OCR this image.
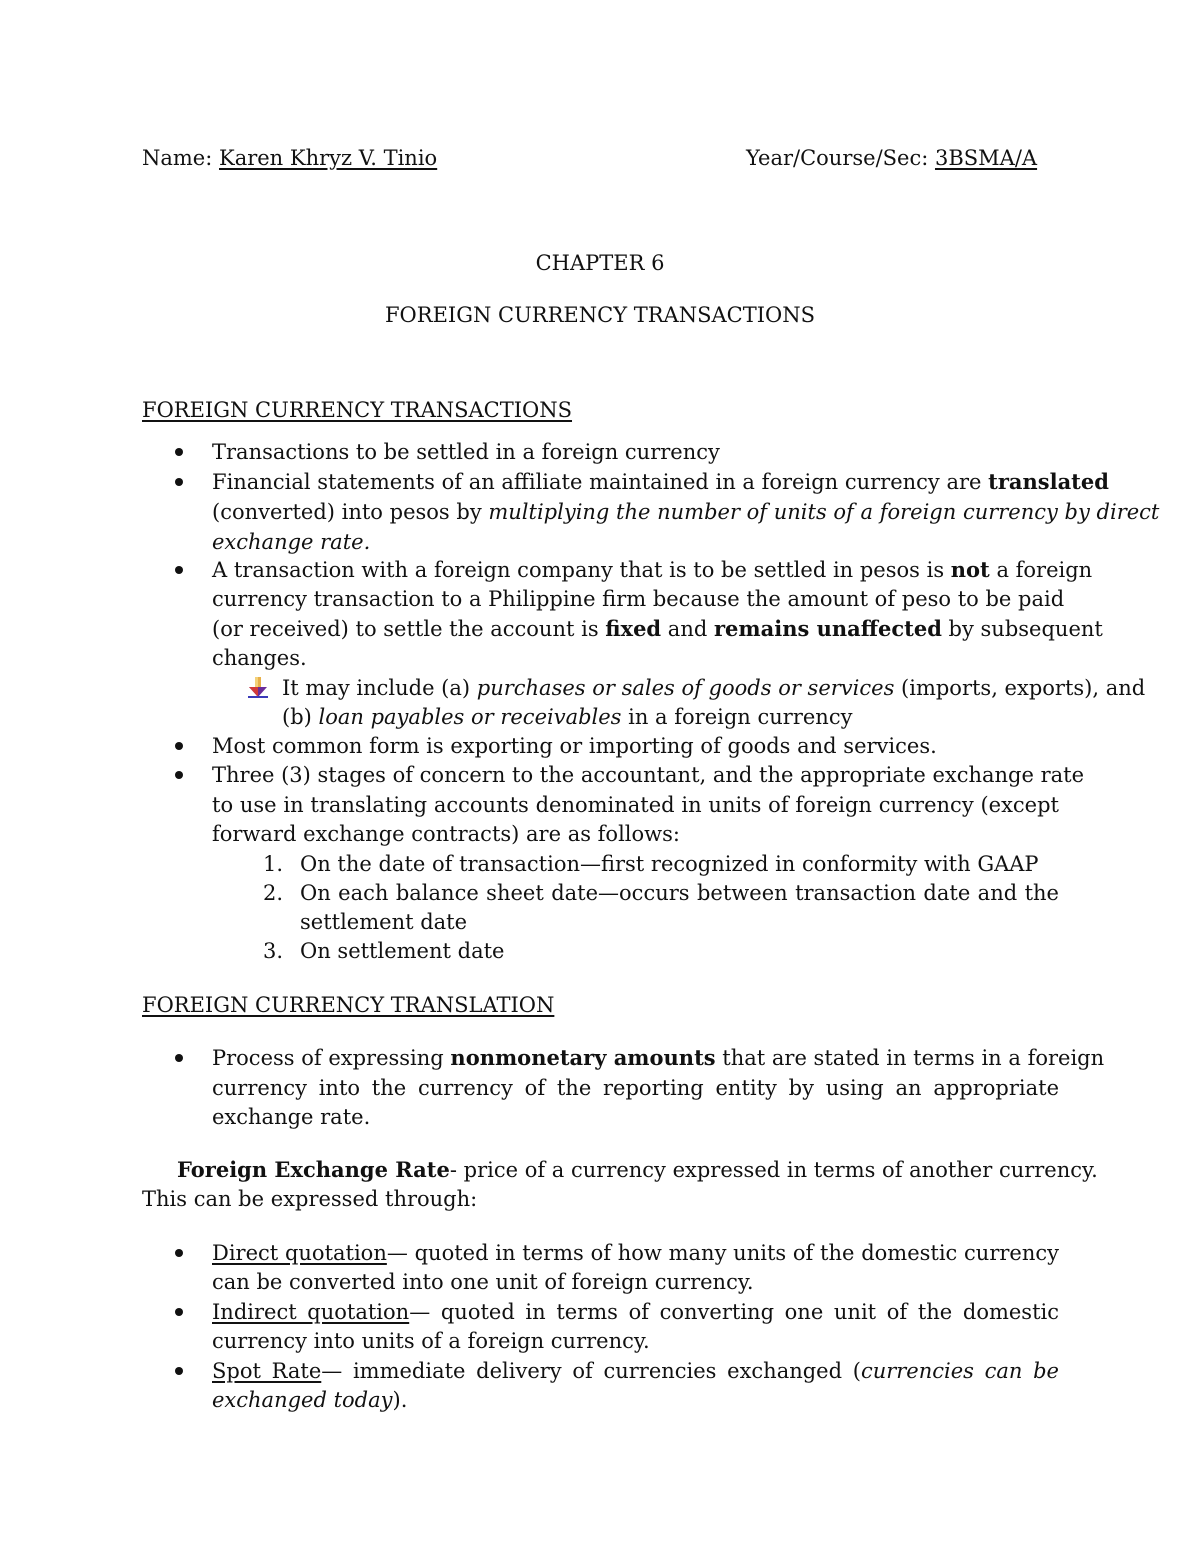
Name: Karen Khryz V. Tinio	Year/Course/Sec: 3BSMA/A
CHAPTER 6
FOREIGN CURRENCY TRANSACTIONS
FOREIGN CURRENCY TRANSACTIONS
Transactions to be settled in a foreign currency
Financial statements of an affiliate maintained in a foreign currency are translated
(converted) into pesos by multiplying the number of units of a foreign currency by direct
exchange rate.
A transaction with a foreign company that is to be settled in pesos is not a foreign
currency transaction to a Philippine firm because the amount of peso to be paid
(or received) to settle the account is fixed and remains unaffected by subsequent
changes.
It may include (a) purchases or sales of goods or services (imports, exports), and
(b) loan payables or receivables in a foreign currency
Most common form is exporting or importing of goods and services.
Three (3) stages of concern to the accountant, and the appropriate exchange rate
to use in translating accounts denominated in units of foreign currency (except
forward exchange contracts) are as follows:
1. On the date of transaction—first recognized in conformity with GAAP
2. On each balance sheet date—occurs between transaction date and the
settlement date
3. On settlement date
FOREIGN CURRENCY TRANSLATION
Process of expressing nonmonetary amounts that are stated in terms in a foreign
currency into the currency of the reporting entity by using an appropriate
exchange rate.
Foreign Exchange Rate- price of a currency expressed in terms of another currency.
This can be expressed through:
Direct quotation— quoted in terms of how many units of the domestic currency
can be converted into one unit of foreign currency.
Indirect quotation— quoted in terms of converting one unit of the domestic
currency into units of a foreign currency.
Spot Rate— immediate delivery of currencies exchanged (currencies can be
exchanged today).
